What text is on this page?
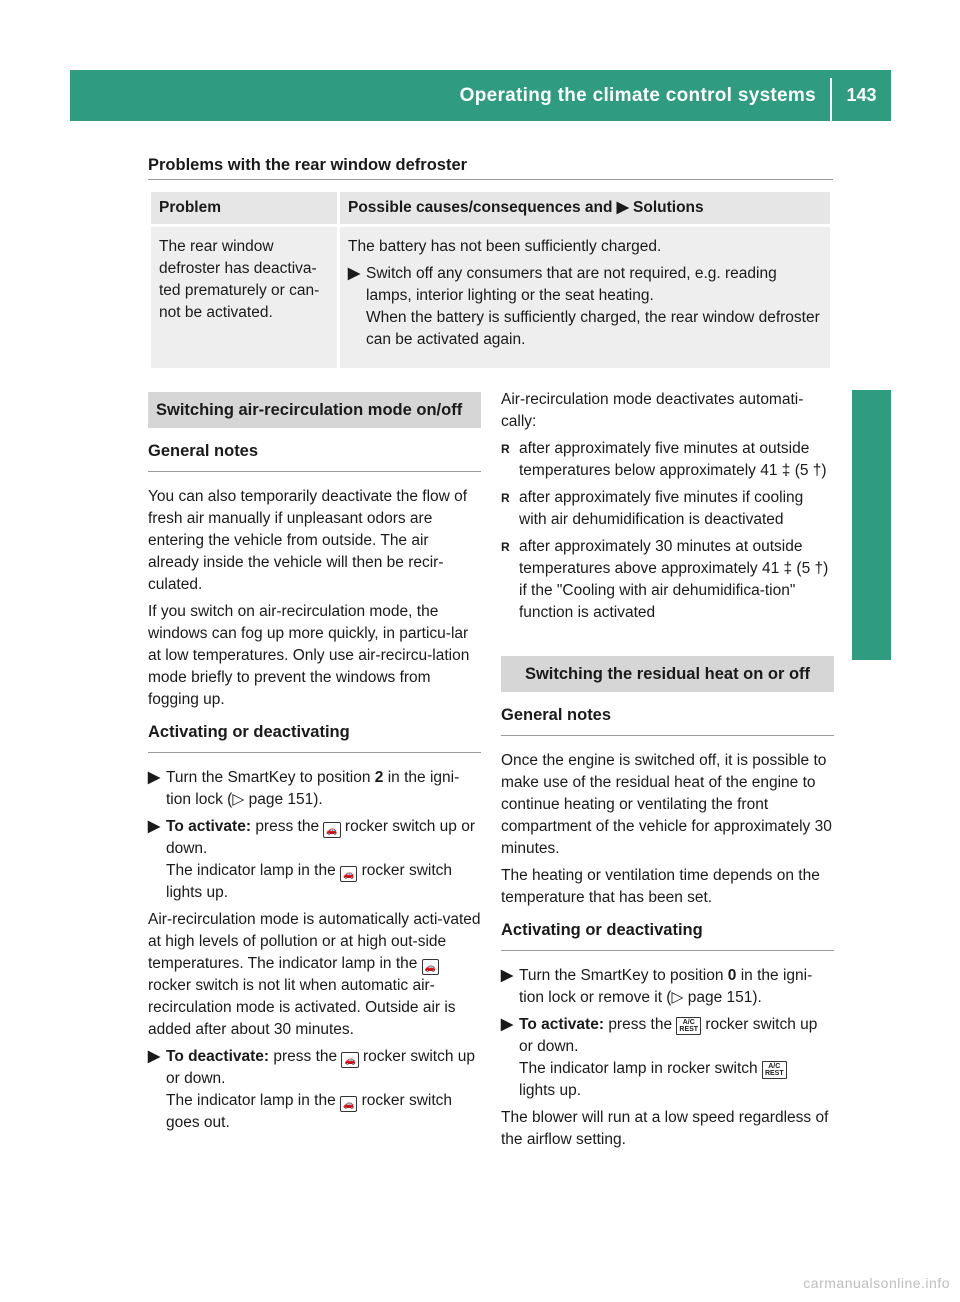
Operating the climate control systems	143
Climate control
Problems with the rear window defroster
Problem	Possible causes/consequences and ▶ Solutions
The rear window defroster has deactiva-ted prematurely or can-not be activated.	The battery has not been sufficiently charged.

▶ Switch off any consumers that are not required, e.g. reading lamps, interior lighting or the seat heating.
When the battery is sufficiently charged, the rear window defroster can be activated again.
Switching air-recirculation mode on/off

General notes

You can also temporarily deactivate the flow of fresh air manually if unpleasant odors are entering the vehicle from outside. The air already inside the vehicle will then be recir-culated.

If you switch on air-recirculation mode, the windows can fog up more quickly, in particu-lar at low temperatures. Only use air-recircu-lation mode briefly to prevent the windows from fogging up.

Activating or deactivating

▶ Turn the SmartKey to position 2 in the igni-tion lock (▷ page 151).
▶ To activate: press the 🚗 rocker switch up or down.
The indicator lamp in the 🚗 rocker switch lights up.

Air-recirculation mode is automatically acti-vated at high levels of pollution or at high out-side temperatures. The indicator lamp in the 🚗 rocker switch is not lit when automatic air-recirculation mode is activated. Outside air is added after about 30 minutes.

▶ To deactivate: press the 🚗 rocker switch up or down.
The indicator lamp in the 🚗 rocker switch goes out.

Air-recirculation mode deactivates automati-cally:

R after approximately five minutes at outside temperatures below approximately 41 ‡ (5 †)
R after approximately five minutes if cooling with air dehumidification is deactivated
R after approximately 30 minutes at outside temperatures above approximately 41 ‡ (5 †) if the "Cooling with air dehumidifica-tion" function is activated
Switching the residual heat on or off

General notes

Once the engine is switched off, it is possible to make use of the residual heat of the engine to continue heating or ventilating the front compartment of the vehicle for approximately 30 minutes.

The heating or ventilation time depends on the temperature that has been set.

Activating or deactivating

▶ Turn the SmartKey to position 0 in the igni-tion lock or remove it (▷ page 151).
▶ To activate: press the A/C
REST rocker switch up or down.
The indicator lamp in rocker switch A/C
REST
lights up.

The blower will run at a low speed regardless of the airflow setting.

carmanualsonline.info
